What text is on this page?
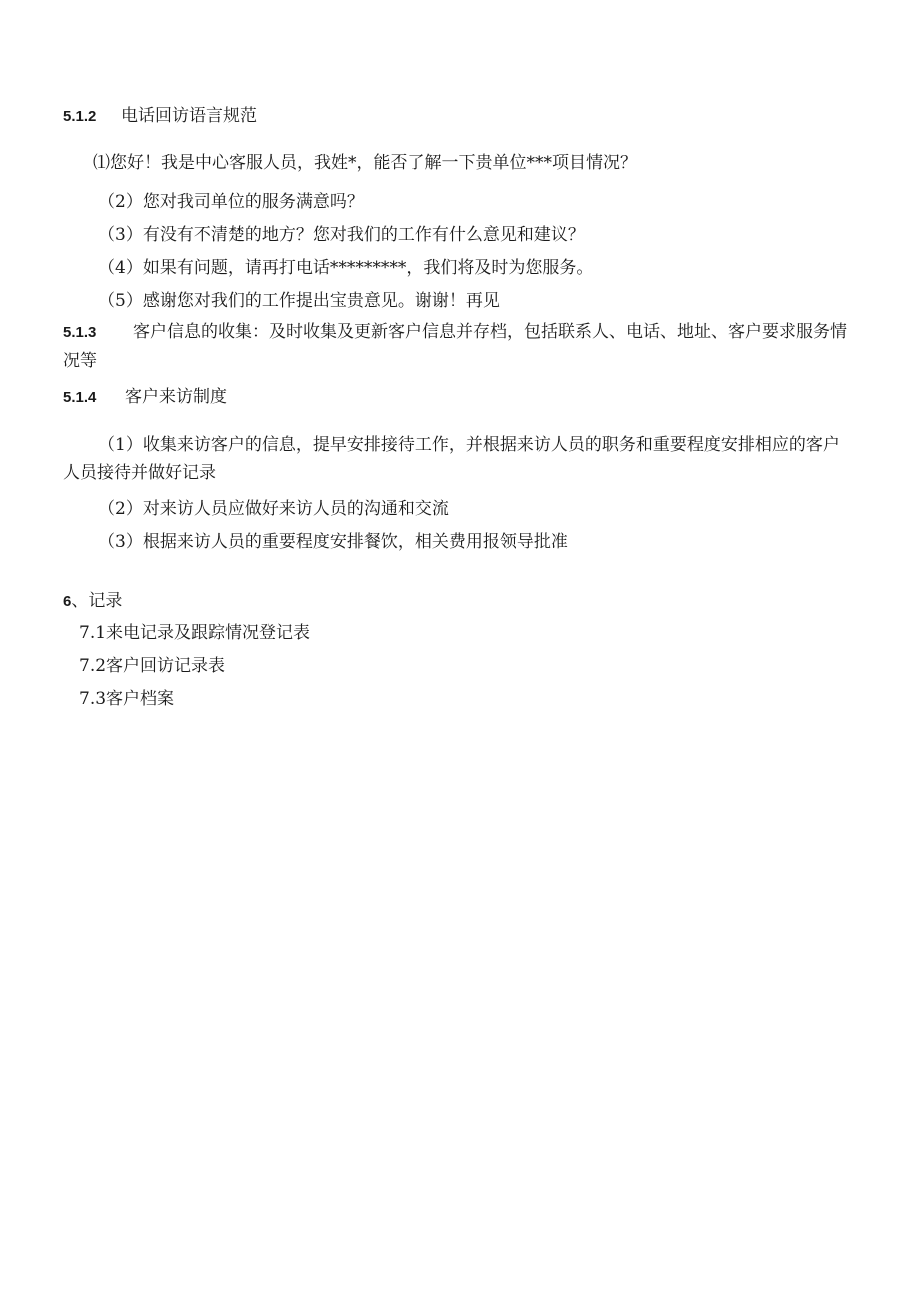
5.1.2 电话回访语言规范
⑴您好！我是中心客服人员，我姓*，能否了解一下贵单位***项目情况？
（2）您对我司单位的服务满意吗？
（3）有没有不清楚的地方？您对我们的工作有什么意见和建议？
（4）如果有问题，请再打电话*********，我们将及时为您服务。
（5）感谢您对我们的工作提出宝贵意见。谢谢！再见
5.1.3 客户信息的收集：及时收集及更新客户信息并存档，包括联系人、电话、地址、客户要求服务情况等
5.1.4 客户来访制度
（1）收集来访客户的信息，提早安排接待工作，并根据来访人员的职务和重要程度安排相应的客户人员接待并做好记录
（2）对来访人员应做好来访人员的沟通和交流
（3）根据来访人员的重要程度安排餐饮，相关费用报领导批准
6、记录
7.1来电记录及跟踪情况登记表
7.2客户回访记录表
7.3客户档案
